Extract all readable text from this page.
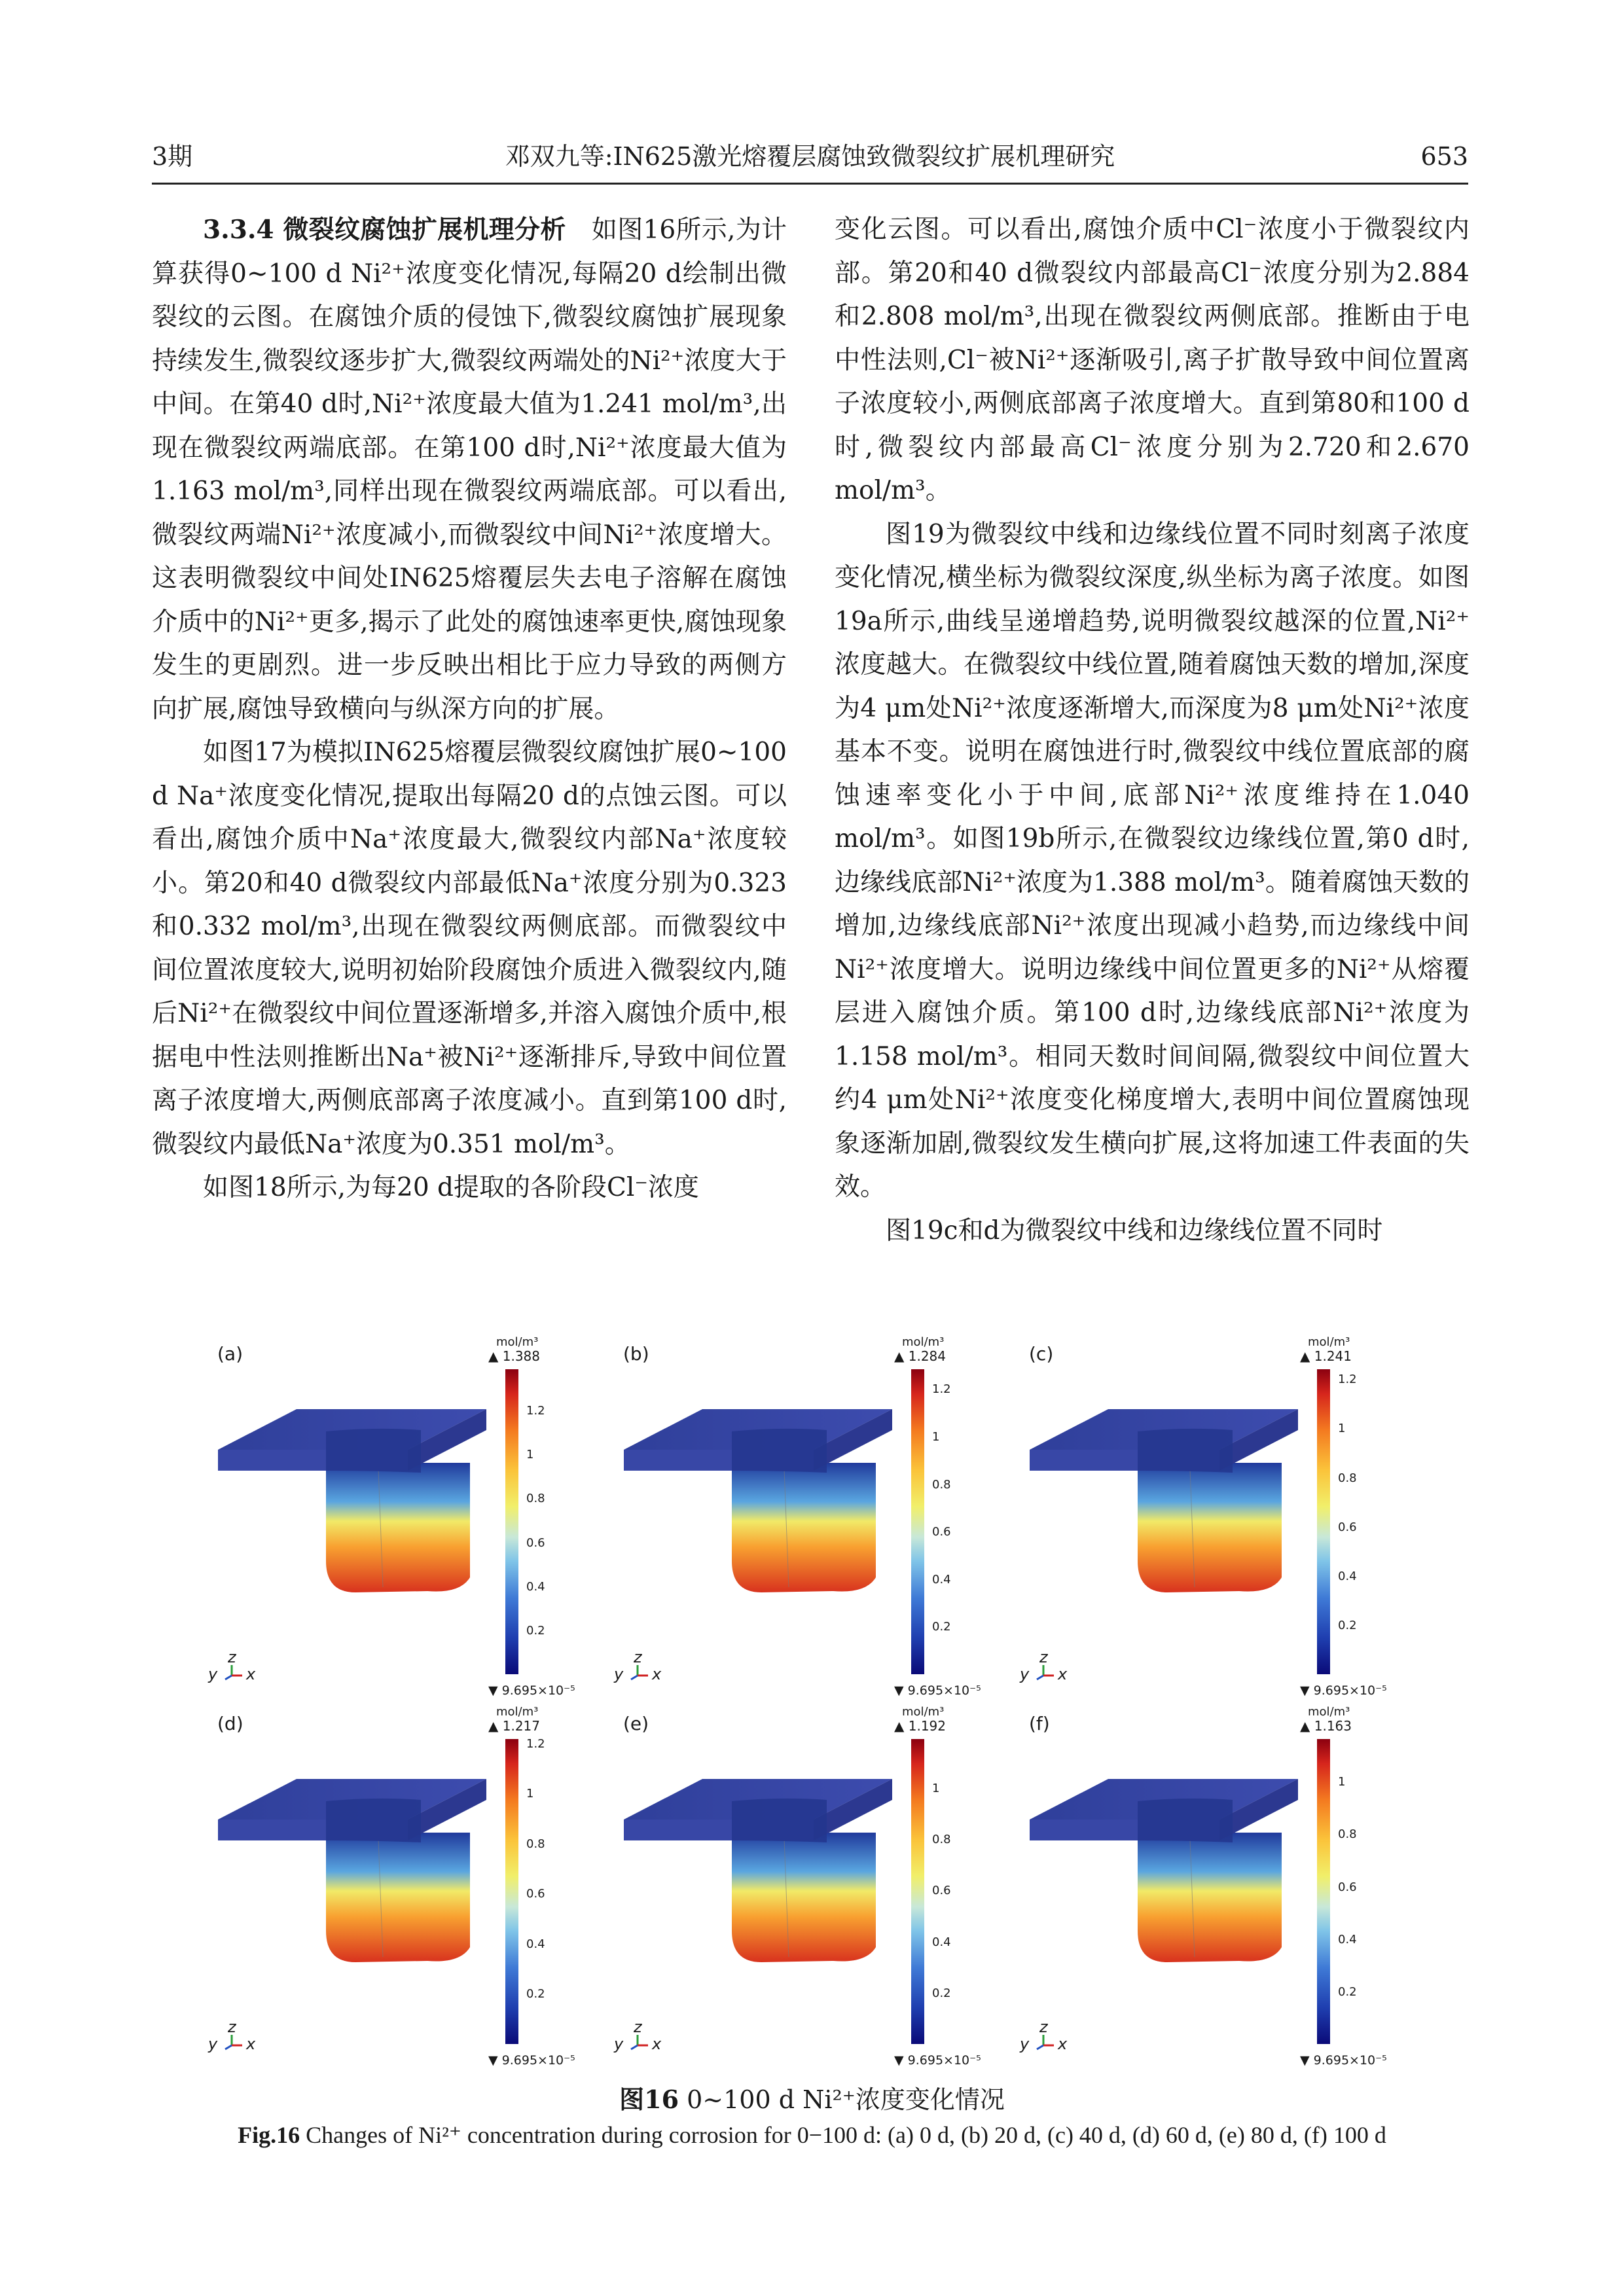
3期	邓双九等:IN625激光熔覆层腐蚀致微裂纹扩展机理研究	653

3.3.4 微裂纹腐蚀扩展机理分析　如图16所示,为计算获得0~100 d Ni²⁺浓度变化情况,每隔20 d绘制出微裂纹的云图。在腐蚀介质的侵蚀下,微裂纹腐蚀扩展现象持续发生,微裂纹逐步扩大,微裂纹两端处的Ni²⁺浓度大于中间。在第40 d时,Ni²⁺浓度最大值为1.241 mol/m³,出现在微裂纹两端底部。在第100 d时,Ni²⁺浓度最大值为1.163 mol/m³,同样出现在微裂纹两端底部。可以看出,微裂纹两端Ni²⁺浓度减小,而微裂纹中间Ni²⁺浓度增大。这表明微裂纹中间处IN625熔覆层失去电子溶解在腐蚀介质中的Ni²⁺更多,揭示了此处的腐蚀速率更快,腐蚀现象发生的更剧烈。进一步反映出相比于应力导致的两侧方向扩展,腐蚀导致横向与纵深方向的扩展。

如图17为模拟IN625熔覆层微裂纹腐蚀扩展0~100 d Na⁺浓度变化情况,提取出每隔20 d的点蚀云图。可以看出,腐蚀介质中Na⁺浓度最大,微裂纹内部Na⁺浓度较小。第20和40 d微裂纹内部最低Na⁺浓度分别为0.323和0.332 mol/m³,出现在微裂纹两侧底部。而微裂纹中间位置浓度较大,说明初始阶段腐蚀介质进入微裂纹内,随后Ni²⁺在微裂纹中间位置逐渐增多,并溶入腐蚀介质中,根据电中性法则推断出Na⁺被Ni²⁺逐渐排斥,导致中间位置离子浓度增大,两侧底部离子浓度减小。直到第100 d时,微裂纹内最低Na⁺浓度为0.351 mol/m³。

如图18所示,为每20 d提取的各阶段Cl⁻浓度

变化云图。可以看出,腐蚀介质中Cl⁻浓度小于微裂纹内部。第20和40 d微裂纹内部最高Cl⁻浓度分别为2.884和2.808 mol/m³,出现在微裂纹两侧底部。推断由于电中性法则,Cl⁻被Ni²⁺逐渐吸引,离子扩散导致中间位置离子浓度较小,两侧底部离子浓度增大。直到第80和100 d时,微裂纹内部最高Cl⁻浓度分别为2.720和2.670 mol/m³。

图19为微裂纹中线和边缘线位置不同时刻离子浓度变化情况,横坐标为微裂纹深度,纵坐标为离子浓度。如图19a所示,曲线呈递增趋势,说明微裂纹越深的位置,Ni²⁺浓度越大。在微裂纹中线位置,随着腐蚀天数的增加,深度为4 μm处Ni²⁺浓度逐渐增大,而深度为8 μm处Ni²⁺浓度基本不变。说明在腐蚀进行时,微裂纹中线位置底部的腐蚀速率变化小于中间,底部Ni²⁺浓度维持在1.040 mol/m³。如图19b所示,在微裂纹边缘线位置,第0 d时,边缘线底部Ni²⁺浓度为1.388 mol/m³。随着腐蚀天数的增加,边缘线底部Ni²⁺浓度出现减小趋势,而边缘线中间Ni²⁺浓度增大。说明边缘线中间位置更多的Ni²⁺从熔覆层进入腐蚀介质。第100 d时,边缘线底部Ni²⁺浓度为1.158 mol/m³。相同天数时间间隔,微裂纹中间位置大约4 μm处Ni²⁺浓度变化梯度增大,表明中间位置腐蚀现象逐渐加剧,微裂纹发生横向扩展,这将加速工件表面的失效。

图19c和d为微裂纹中线和边缘线位置不同时

(a)
mol/m³
▲ 1.388
1.2
1
0.8
0.6
0.4
0.2
▼ 9.695×10⁻⁵
z
y x
(b)
mol/m³
▲ 1.284
1.2
1
0.8
0.6
0.4
0.2
▼ 9.695×10⁻⁵
z
y x
(c)
mol/m³
▲ 1.241
1.2
1
0.8
0.6
0.4
0.2
▼ 9.695×10⁻⁵
z
y x
(d)
mol/m³
▲ 1.217
1.2
1
0.8
0.6
0.4
0.2
▼ 9.695×10⁻⁵
z
y x
(e)
mol/m³
▲ 1.192
1
0.8
0.6
0.4
0.2
▼ 9.695×10⁻⁵
z
y x
(f)
mol/m³
▲ 1.163
1
0.8
0.6
0.4
0.2
▼ 9.695×10⁻⁵
z
y x
图16 0~100 d Ni²⁺浓度变化情况
Fig.16 Changes of Ni²⁺ concentration during corrosion for 0−100 d: (a) 0 d, (b) 20 d, (c) 40 d, (d) 60 d, (e) 80 d, (f) 100 d
